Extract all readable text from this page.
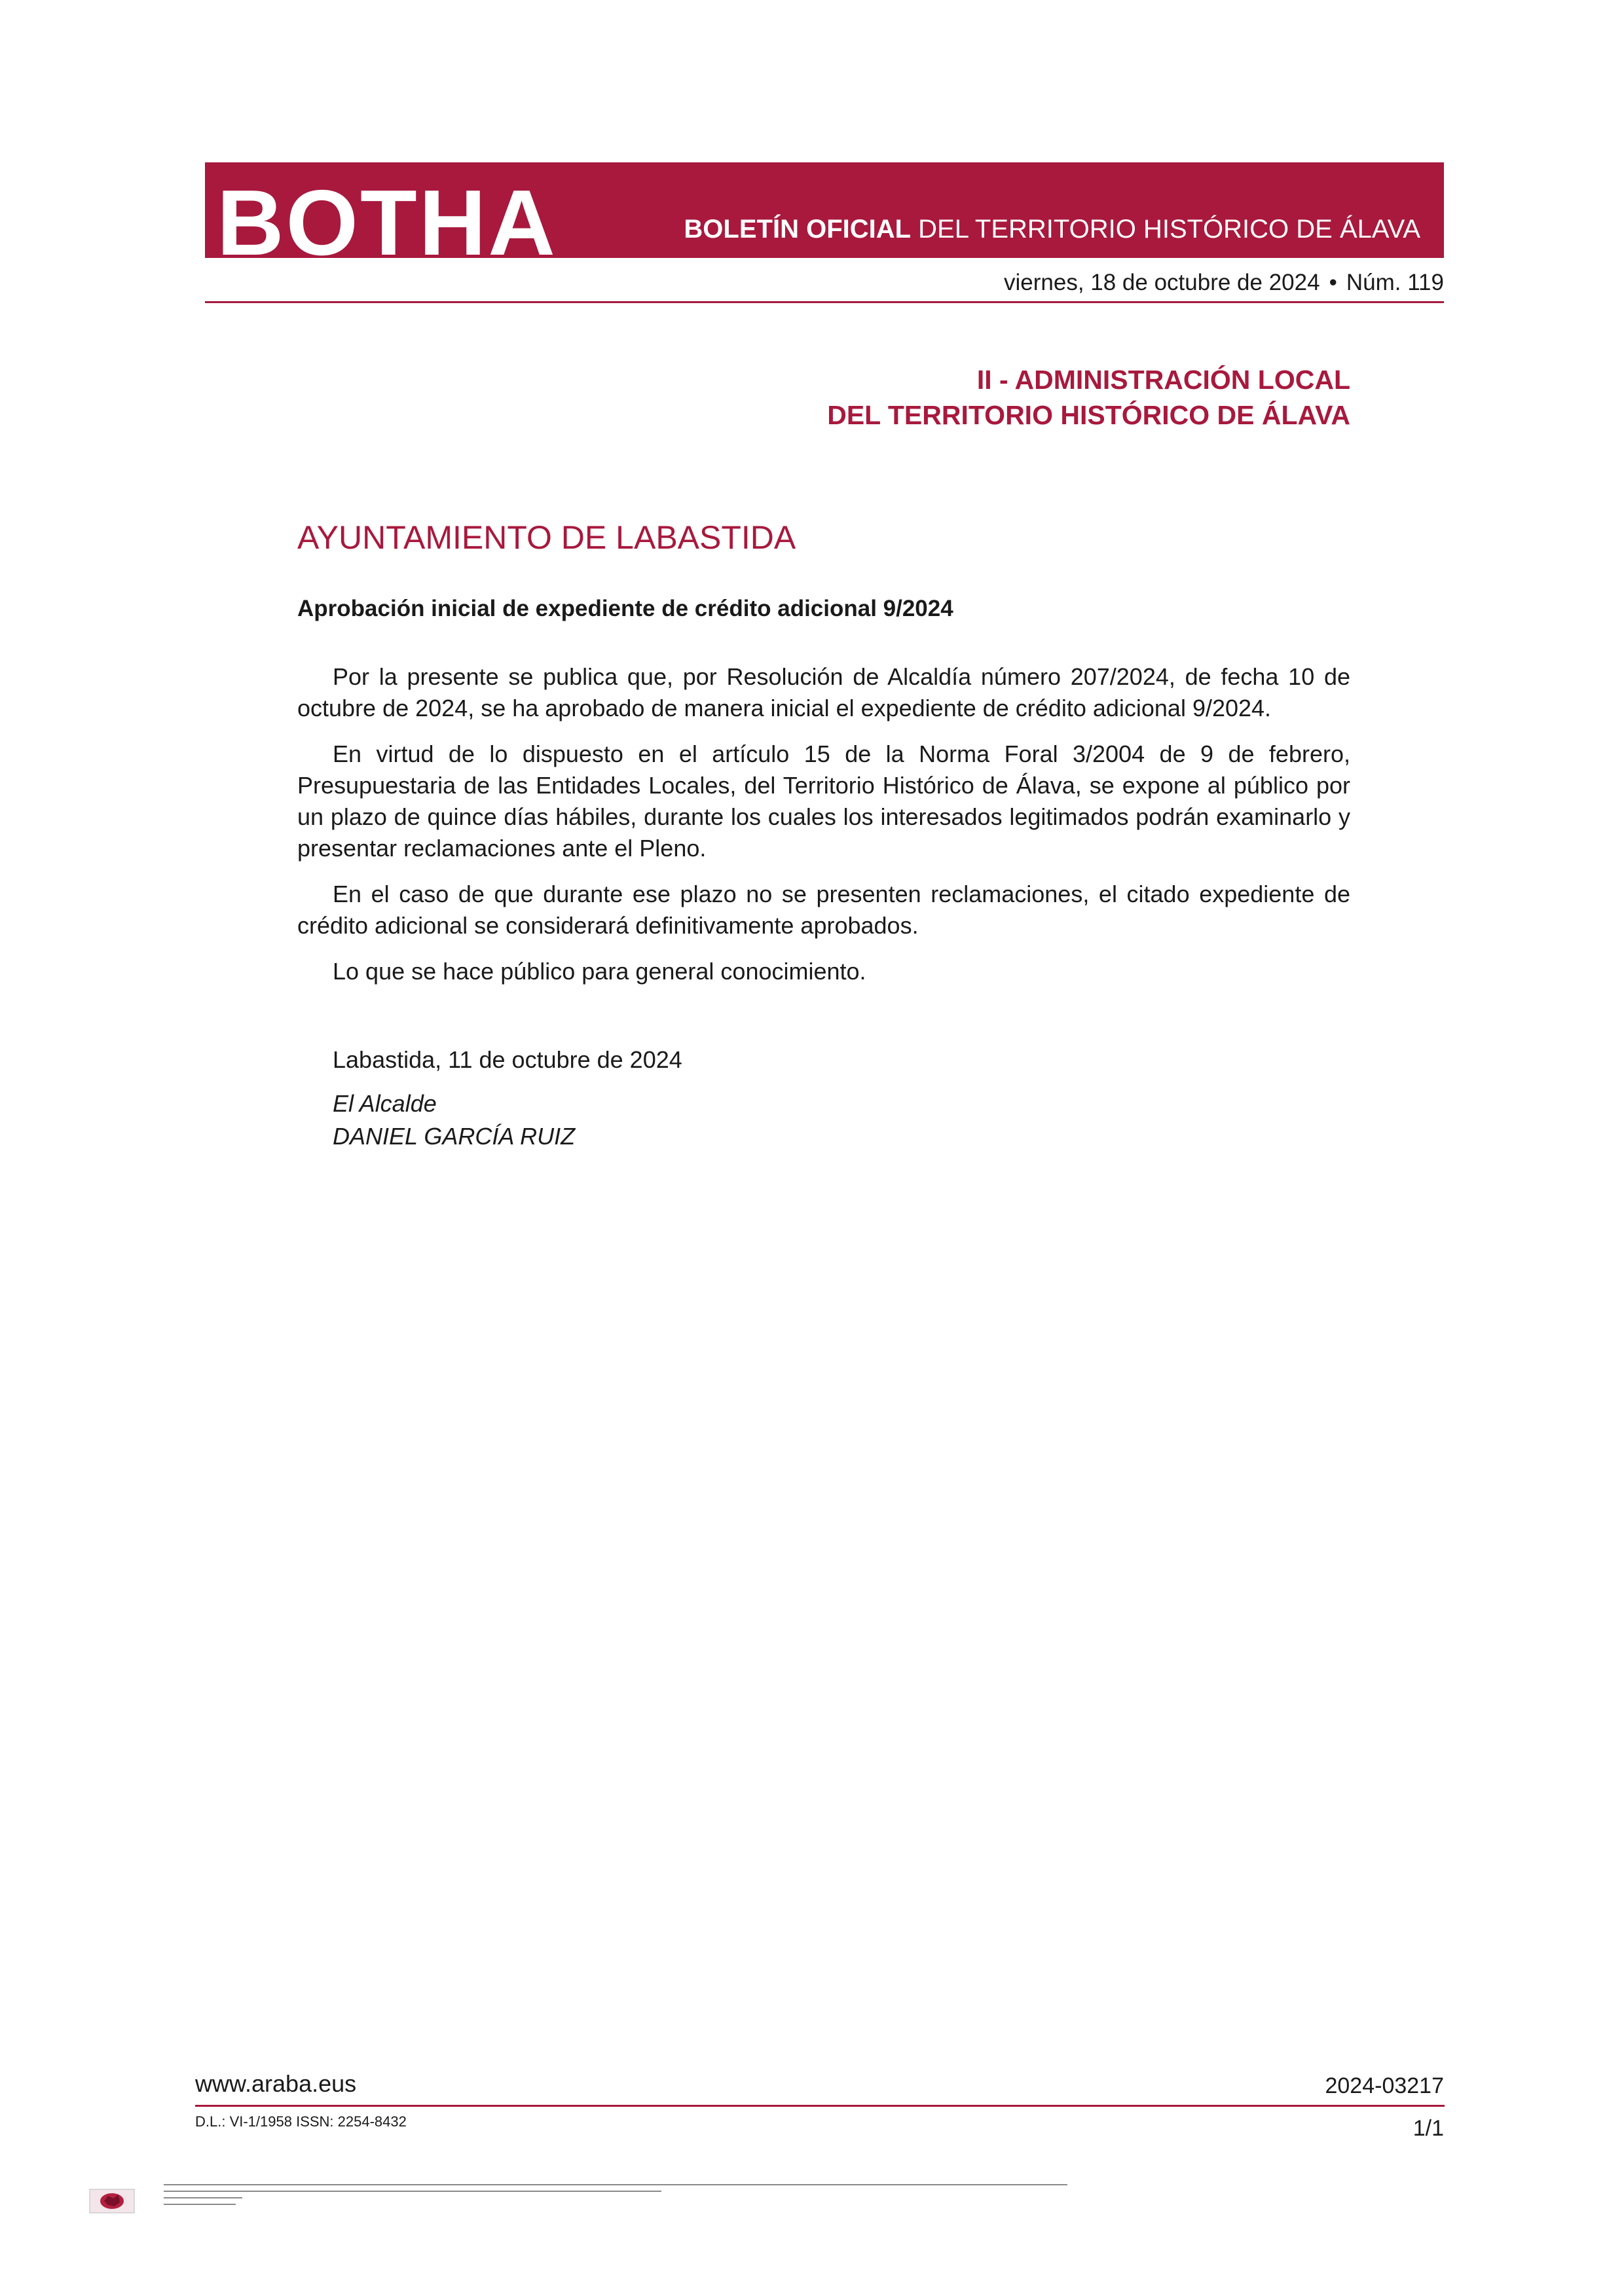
BOTHA	BOLETÍN OFICIAL DEL TERRITORIO HISTÓRICO DE ÁLAVA
viernes, 18 de octubre de 2024 • Núm. 119
II - ADMINISTRACIÓN LOCAL
DEL TERRITORIO HISTÓRICO DE ÁLAVA
AYUNTAMIENTO DE LABASTIDA
Aprobación inicial de expediente de crédito adicional 9/2024

Por la presente se publica que, por Resolución de Alcaldía número 207/2024, de fecha 10 de octubre de 2024, se ha aprobado de manera inicial el expediente de crédito adicional 9/2024.

En virtud de lo dispuesto en el artículo 15 de la Norma Foral 3/2004 de 9 de febrero, Presupuestaria de las Entidades Locales, del Territorio Histórico de Álava, se expone al público por un plazo de quince días hábiles, durante los cuales los interesados legitimados podrán examinarlo y presentar reclamaciones ante el Pleno.

En el caso de que durante ese plazo no se presenten reclamaciones, el citado expediente de crédito adicional se considerará definitivamente aprobados.

Lo que se hace público para general conocimiento.

Labastida, 11 de octubre de 2024
El Alcalde
DANIEL GARCÍA RUIZ
www.araba.eus	2024-03217
D.L.: VI-1/1958 ISSN: 2254-8432	1/1
